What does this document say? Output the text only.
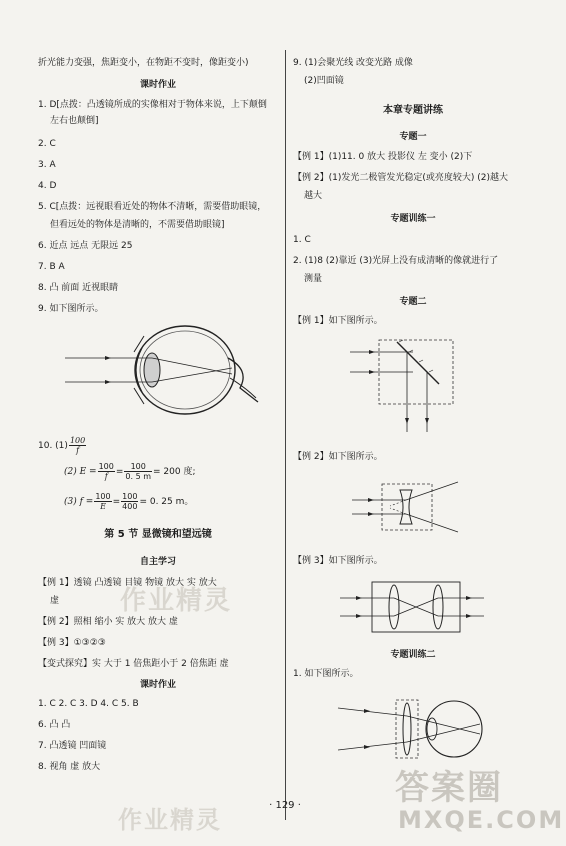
作业精灵
作业精灵
答案圈
MXQE.COM
折光能力变强，焦距变小，在物距不变时，像距变小)
课时作业
1. D[点拨：凸透镜所成的实像相对于物体来说，上下颠倒
左右也颠倒]
2. C
3. A
4. D
5. C[点拨：远视眼看近处的物体不清晰，需要借助眼镜，
但看远处的物体是清晰的，不需要借助眼镜]
6. 近点 远点 无限远 25
7. B A
8. 凸 前面 近视眼睛
9. 如下图所示。
10. $(1) \frac{100}{f}$
(2) $E = \frac{100}{f} = \frac{100}{0. 5 m} = 200$ 度;
(3) $f = \frac{100}{E} = \frac{100}{400} = 0$. 25 m。
第 5 节 显微镜和望远镜
自主学习
【例 1】透镜 凸透镜 目镜 物镜 放大 实 放大
虚
【例 2】照相 缩小 实 放大 放大 虚
【例 3】①③②③
【变式探究】实 大于 1 倍焦距小于 2 倍焦距 虚
课时作业
1. C 2. C 3. D 4. C 5. B
6. 凸 凸
7. 凸透镜 凹面镜
8. 视角 虚 放大
9. (1)会聚光线 改变光路 成像
(2)凹面镜
本章专题讲练
专题一
【例 1】(1)11. 0 放大 投影仪 左 变小 (2)下
【例 2】(1)发光二极管发光稳定(或亮度较大) (2)越大
越大
专题训练一
1. C
2. (1)8 (2)靠近 (3)光屏上没有成清晰的像就进行了
测量
专题二
【例 1】如下图所示。
【例 2】如下图所示。
【例 3】如下图所示。
专题训练二
1. 如下图所示。
· 129 ·
